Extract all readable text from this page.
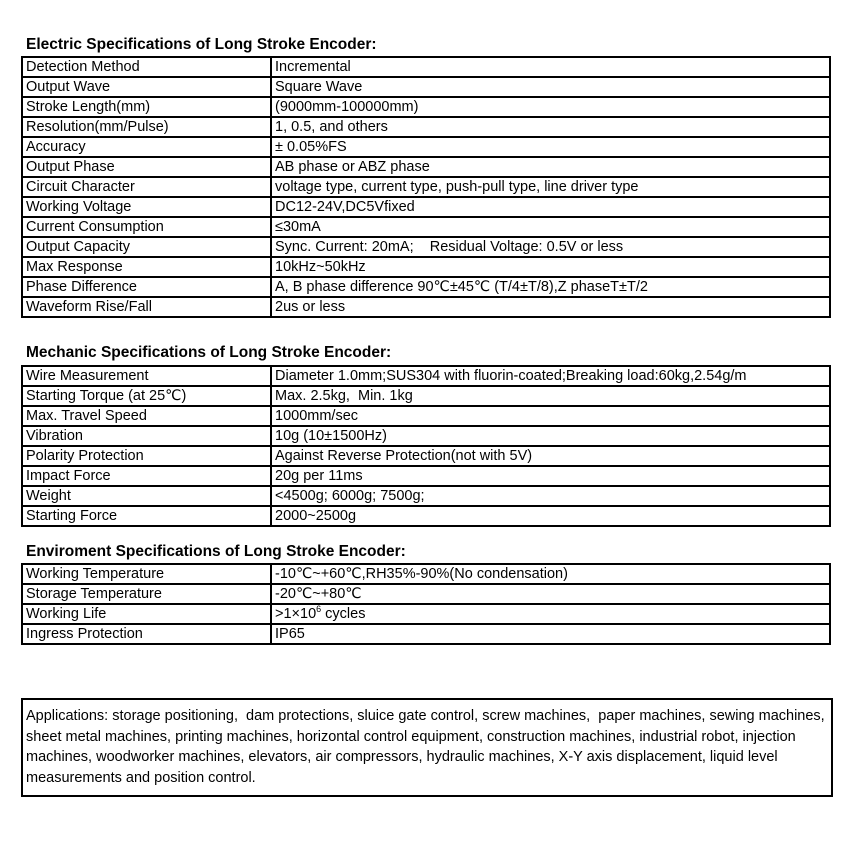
Electric Specifications of Long Stroke Encoder:
Detection Method	Incremental
Output Wave	Square Wave
Stroke Length(mm)	(9000mm-100000mm)
Resolution(mm/Pulse)	1, 0.5, and others
Accuracy	± 0.05%FS
Output Phase	AB phase or ABZ phase
Circuit Character	voltage type, current type, push-pull type, line driver type
Working Voltage	DC12-24V,DC5Vfixed
Current Consumption	≤30mA
Output Capacity	Sync. Current: 20mA;    Residual Voltage: 0.5V or less
Max Response	10kHz~50kHz
Phase Difference	A, B phase difference 90℃±45℃ (T/4±T/8),Z phaseT±T/2
Waveform Rise/Fall	2us or less
Mechanic Specifications of Long Stroke Encoder:
Wire Measurement	Diameter 1.0mm;SUS304 with fluorin-coated;Breaking load:60kg,2.54g/m
Starting Torque (at 25℃)	Max. 2.5kg,  Min. 1kg
Max. Travel Speed	1000mm/sec
Vibration	10g (10±1500Hz)
Polarity Protection	Against Reverse Protection(not with 5V)
Impact Force	20g per 11ms
Weight	<4500g; 6000g; 7500g;
Starting Force	2000~2500g
Enviroment Specifications of Long Stroke Encoder:
Working Temperature	-10℃~+60℃,RH35%-90%(No condensation)
Storage Temperature	-20℃~+80℃
Working Life	$>1\times 10^6$ cycles
Ingress Protection	IP65
Applications: storage positioning,  dam protections, sluice gate control, screw machines,  paper machines, sewing machines, sheet metal machines, printing machines, horizontal control equipment, construction machines, industrial robot, injection machines, woodworker machines, elevators, air compressors, hydraulic machines, X-Y axis displacement, liquid level measurements and position control.
